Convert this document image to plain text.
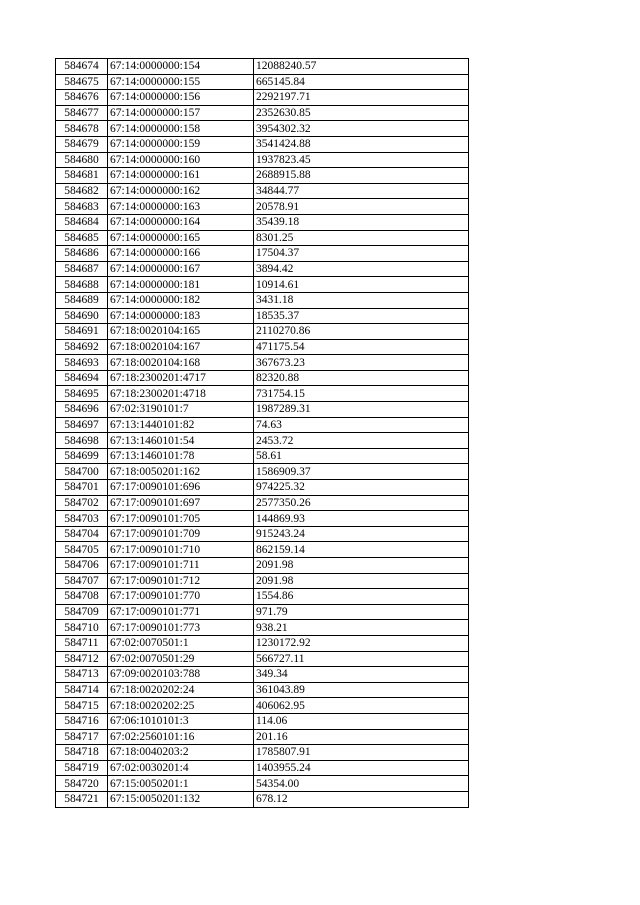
584674	67:14:0000000:154	12088240.57
584675	67:14:0000000:155	665145.84
584676	67:14:0000000:156	2292197.71
584677	67:14:0000000:157	2352630.85
584678	67:14:0000000:158	3954302.32
584679	67:14:0000000:159	3541424.88
584680	67:14:0000000:160	1937823.45
584681	67:14:0000000:161	2688915.88
584682	67:14:0000000:162	34844.77
584683	67:14:0000000:163	20578.91
584684	67:14:0000000:164	35439.18
584685	67:14:0000000:165	8301.25
584686	67:14:0000000:166	17504.37
584687	67:14:0000000:167	3894.42
584688	67:14:0000000:181	10914.61
584689	67:14:0000000:182	3431.18
584690	67:14:0000000:183	18535.37
584691	67:18:0020104:165	2110270.86
584692	67:18:0020104:167	471175.54
584693	67:18:0020104:168	367673.23
584694	67:18:2300201:4717	82320.88
584695	67:18:2300201:4718	731754.15
584696	67:02:3190101:7	1987289.31
584697	67:13:1440101:82	74.63
584698	67:13:1460101:54	2453.72
584699	67:13:1460101:78	58.61
584700	67:18:0050201:162	1586909.37
584701	67:17:0090101:696	974225.32
584702	67:17:0090101:697	2577350.26
584703	67:17:0090101:705	144869.93
584704	67:17:0090101:709	915243.24
584705	67:17:0090101:710	862159.14
584706	67:17:0090101:711	2091.98
584707	67:17:0090101:712	2091.98
584708	67:17:0090101:770	1554.86
584709	67:17:0090101:771	971.79
584710	67:17:0090101:773	938.21
584711	67:02:0070501:1	1230172.92
584712	67:02:0070501:29	566727.11
584713	67:09:0020103:788	349.34
584714	67:18:0020202:24	361043.89
584715	67:18:0020202:25	406062.95
584716	67:06:1010101:3	114.06
584717	67:02:2560101:16	201.16
584718	67:18:0040203:2	1785807.91
584719	67:02:0030201:4	1403955.24
584720	67:15:0050201:1	54354.00
584721	67:15:0050201:132	678.12
